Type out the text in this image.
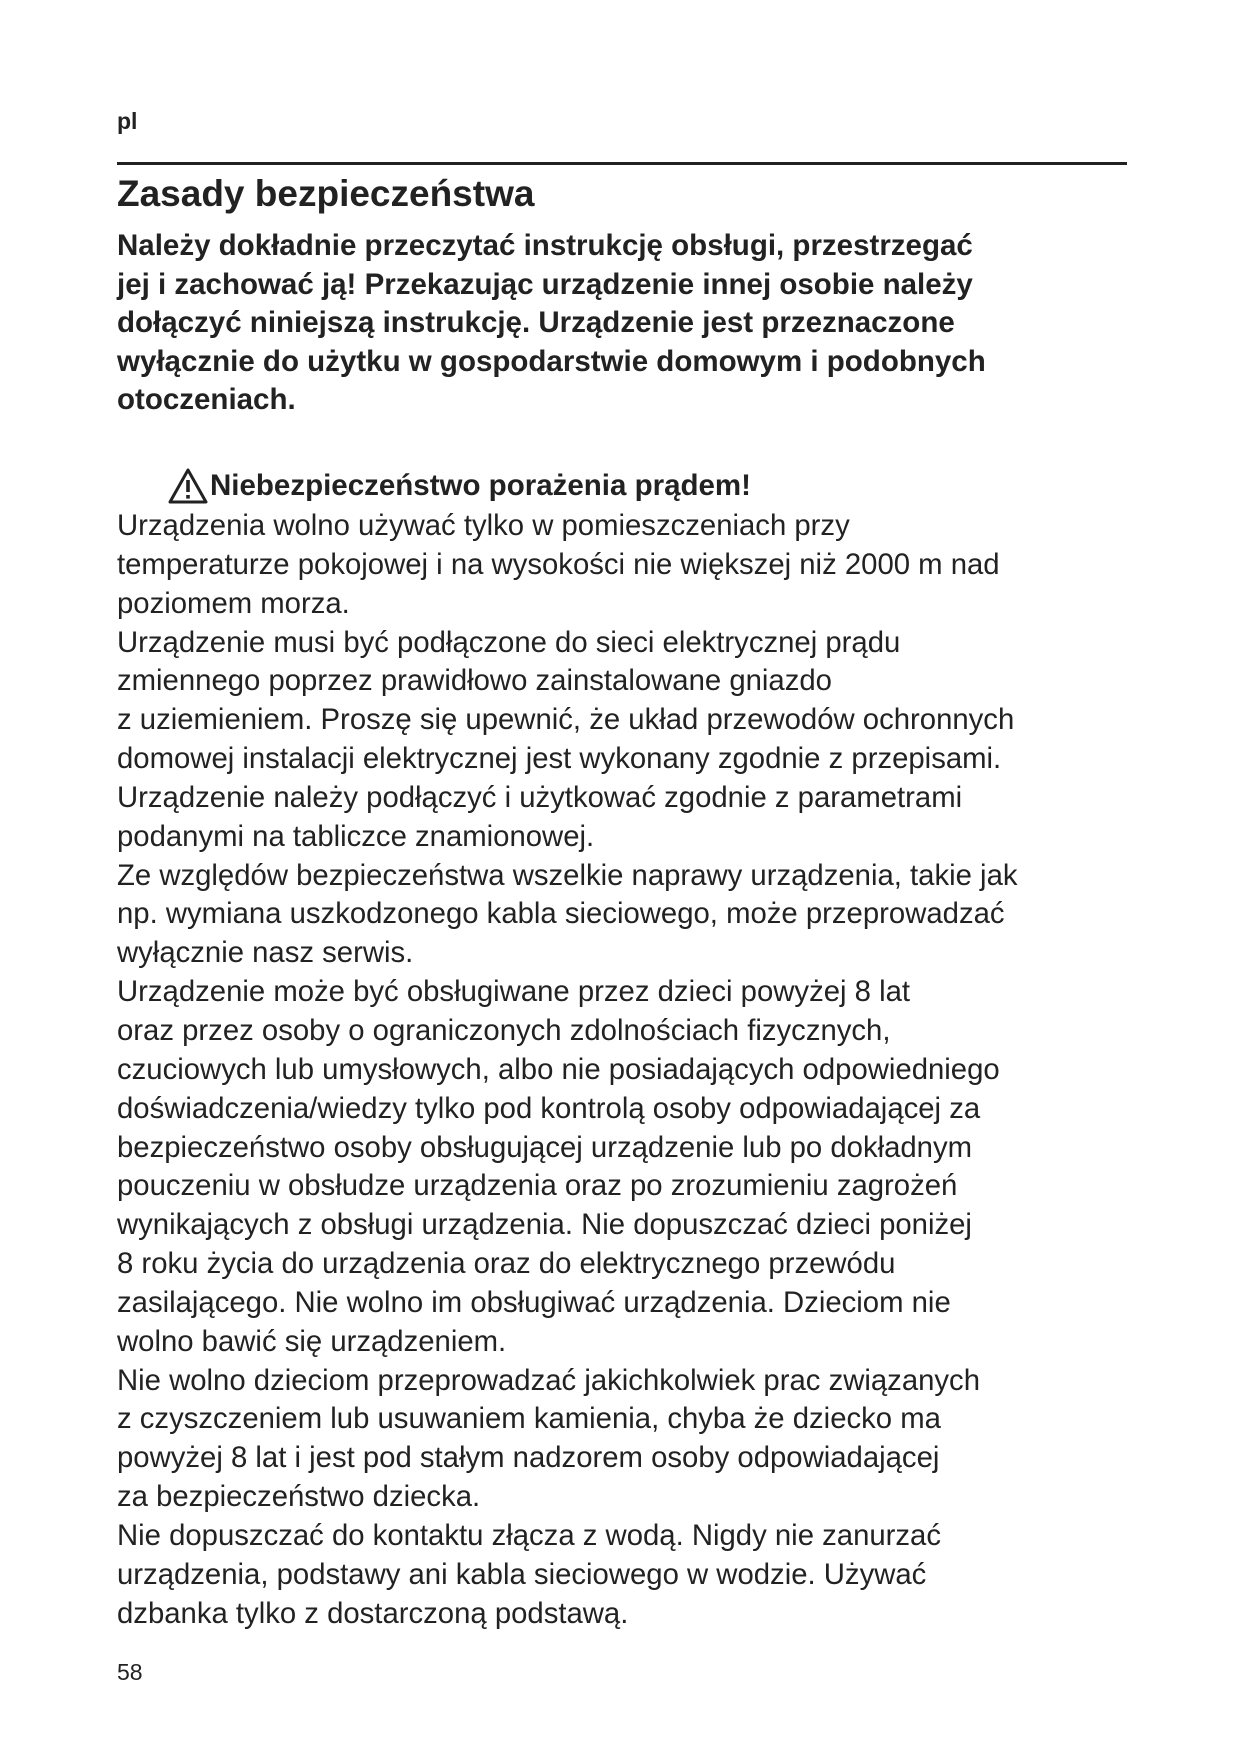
pl
Zasady bezpieczeństwa
Należy dokładnie przeczytać instrukcję obsługi, przestrzegać
jej i zachować ją! Przekazując urządzenie innej osobie należy
dołączyć niniejszą instrukcję. Urządzenie jest przeznaczone
wyłącznie do użytku w gospodarstwie domowym i podobnych
otoczeniach.
Niebezpieczeństwo porażenia prądem!
Urządzenia wolno używać tylko w pomieszczeniach przy
temperaturze pokojowej i na wysokości nie większej niż 2000 m nad
poziomem morza.
Urządzenie musi być podłączone do sieci elektrycznej prądu
zmiennego poprzez prawidłowo zainstalowane gniazdo
z uziemieniem. Proszę się upewnić, że układ przewodów ochronnych
domowej instalacji elektrycznej jest wykonany zgodnie z przepisami.
Urządzenie należy podłączyć i użytkować zgodnie z parametrami
podanymi na tabliczce znamionowej.
Ze względów bezpieczeństwa wszelkie naprawy urządzenia, takie jak
np. wymiana uszkodzonego kabla sieciowego, może przeprowadzać
wyłącznie nasz serwis.
Urządzenie może być obsługiwane przez dzieci powyżej 8 lat
oraz przez osoby o ograniczonych zdolnościach fizycznych,
czuciowych lub umysłowych, albo nie posiadających odpowiedniego
doświadczenia/wiedzy tylko pod kontrolą osoby odpowiadającej za
bezpieczeństwo osoby obsługującej urządzenie lub po dokładnym
pouczeniu w obsłudze urządzenia oraz po zrozumieniu zagrożeń
wynikających z obsługi urządzenia. Nie dopuszczać dzieci poniżej
8 roku życia do urządzenia oraz do elektrycznego przewódu
zasilającego. Nie wolno im obsługiwać urządzenia. Dzieciom nie
wolno bawić się urządzeniem.
Nie wolno dzieciom przeprowadzać jakichkolwiek prac związanych
z czyszczeniem lub usuwaniem kamienia, chyba że dziecko ma
powyżej 8 lat i jest pod stałym nadzorem osoby odpowiadającej
za bezpieczeństwo dziecka.
Nie dopuszczać do kontaktu złącza z wodą. Nigdy nie zanurzać
urządzenia, podstawy ani kabla sieciowego w wodzie. Używać
dzbanka tylko z dostarczoną podstawą.
58
